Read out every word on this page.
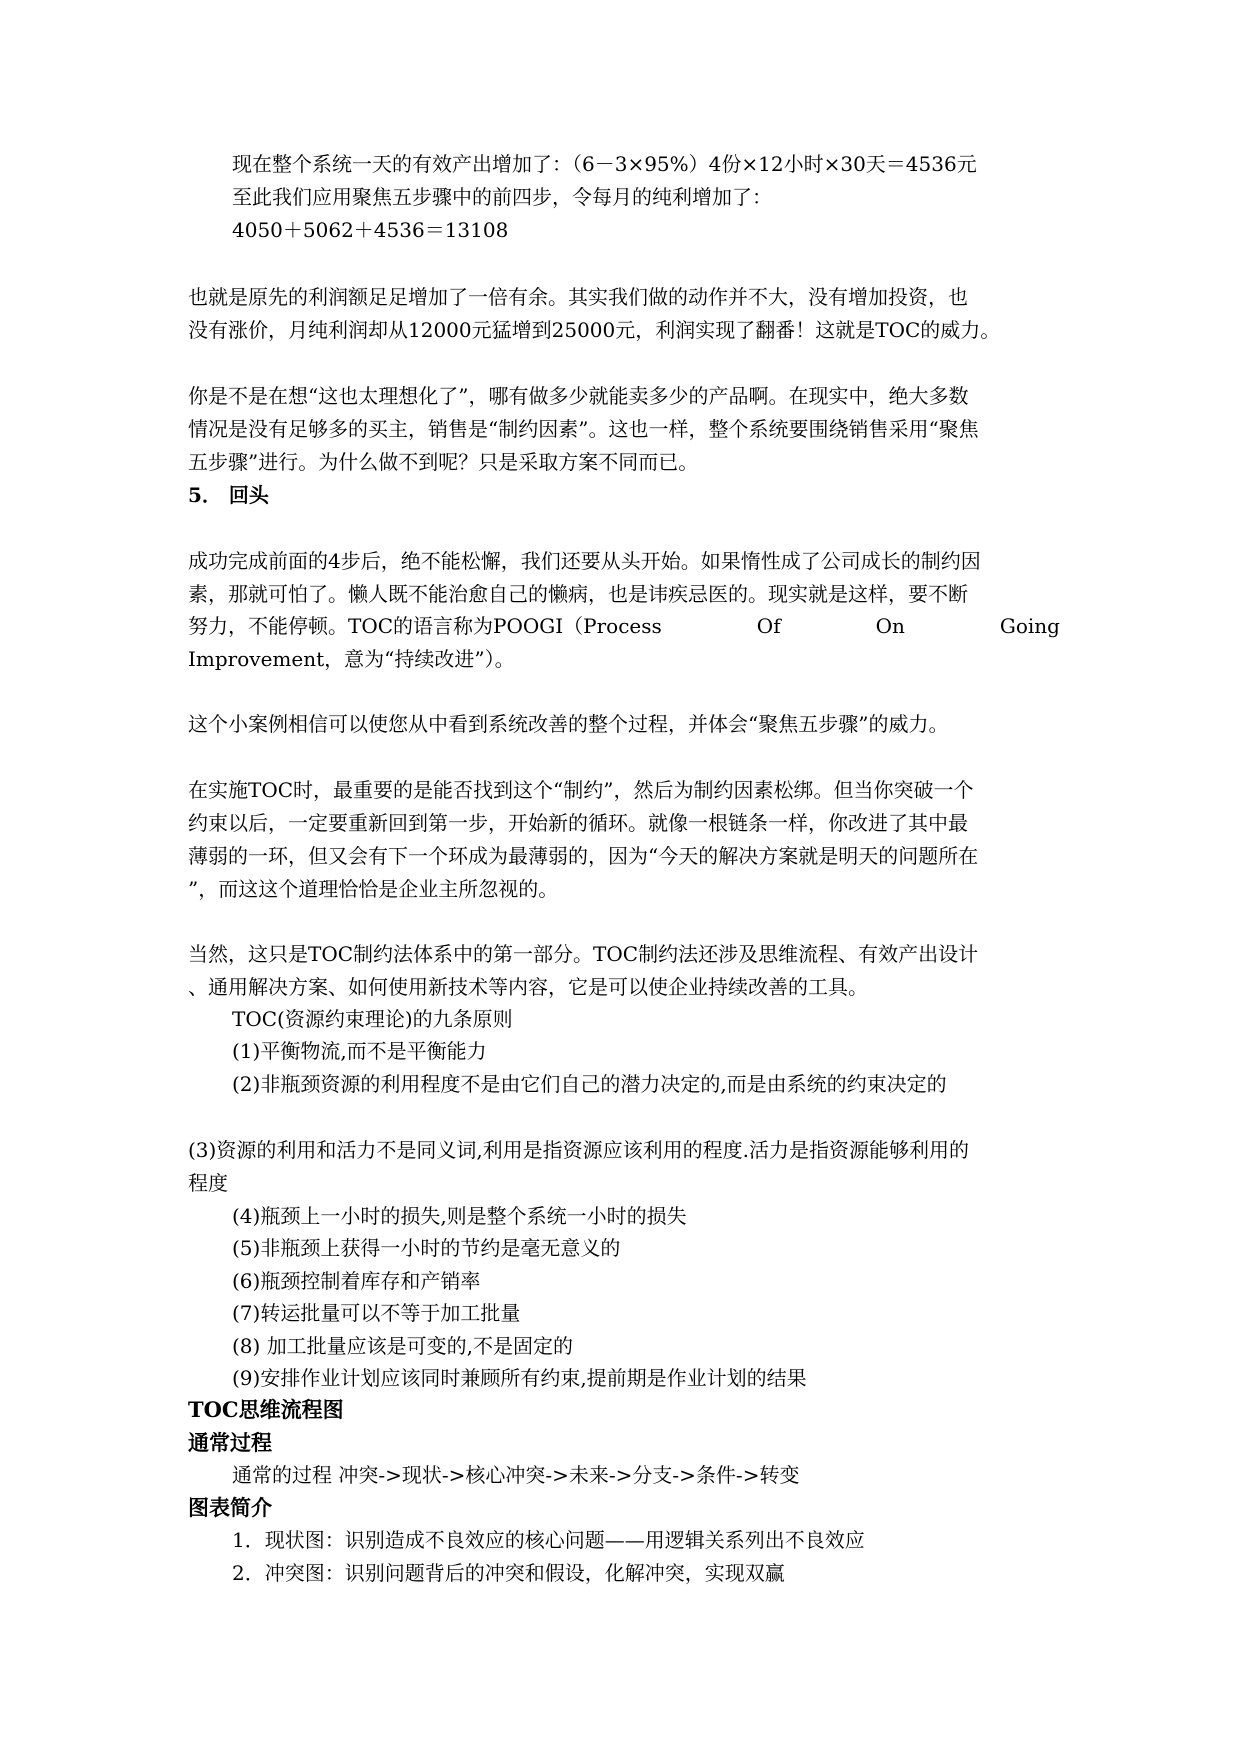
现在整个系统一天的有效产出增加了：（6－3×95%）4份×12小时×30天＝4536元
至此我们应用聚焦五步骤中的前四步，令每月的纯利增加了：
4050＋5062＋4536＝13108
也就是原先的利润额足足增加了一倍有余。其实我们做的动作并不大，没有增加投资，也
没有涨价，月纯利润却从12000元猛增到25000元，利润实现了翻番！这就是TOC的威力。
你是不是在想“这也太理想化了”，哪有做多少就能卖多少的产品啊。在现实中，绝大多数
情况是没有足够多的买主，销售是“制约因素”。这也一样，整个系统要围绕销售采用“聚焦
五步骤”进行。为什么做不到呢？只是采取方案不同而已。
5． 回头
成功完成前面的4步后，绝不能松懈，我们还要从头开始。如果惰性成了公司成长的制约因
素，那就可怕了。懒人既不能治愈自己的懒病，也是讳疾忌医的。现实就是这样，要不断
努力，不能停顿。TOC的语言称为POOGI（Process	Of	On	Going
Improvement，意为“持续改进”）。
这个小案例相信可以使您从中看到系统改善的整个过程，并体会“聚焦五步骤”的威力。
在实施TOC时，最重要的是能否找到这个“制约”，然后为制约因素松绑。但当你突破一个
约束以后，一定要重新回到第一步，开始新的循环。就像一根链条一样，你改进了其中最
薄弱的一环，但又会有下一个环成为最薄弱的，因为“今天的解决方案就是明天的问题所在
”，而这这个道理恰恰是企业主所忽视的。
当然，这只是TOC制约法体系中的第一部分。TOC制约法还涉及思维流程、有效产出设计
、通用解决方案、如何使用新技术等内容，它是可以使企业持续改善的工具。
TOC(资源约束理论)的九条原则
(1)平衡物流,而不是平衡能力
(2)非瓶颈资源的利用程度不是由它们自己的潜力决定的,而是由系统的约束决定的
(3)资源的利用和活力不是同义词,利用是指资源应该利用的程度.活力是指资源能够利用的
程度
(4)瓶颈上一小时的损失,则是整个系统一小时的损失
(5)非瓶颈上获得一小时的节约是毫无意义的
(6)瓶颈控制着库存和产销率
(7)转运批量可以不等于加工批量
(8) 加工批量应该是可变的,不是固定的
(9)安排作业计划应该同时兼顾所有约束,提前期是作业计划的结果
TOC思维流程图
通常过程
通常的过程 冲突->现状->核心冲突->未来->分支->条件->转变
图表简介
1．现状图：识别造成不良效应的核心问题——用逻辑关系列出不良效应
2．冲突图：识别问题背后的冲突和假设，化解冲突，实现双赢
